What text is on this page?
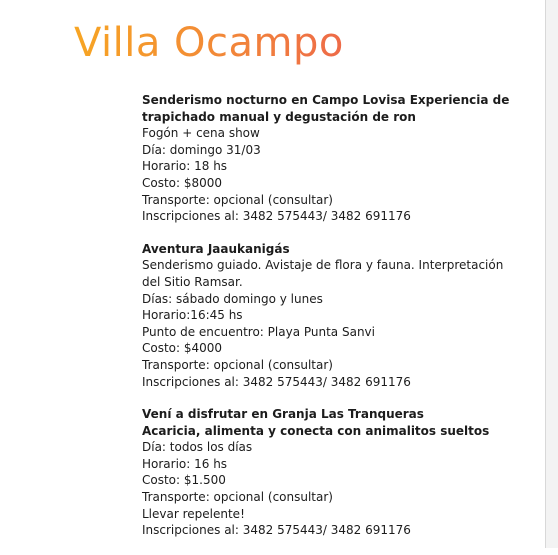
Villa Ocampo
Senderismo nocturno en Campo Lovisa Experiencia de
trapichado manual y degustación de ron
Fogón + cena show
Día: domingo 31/03
Horario: 18 hs
Costo: $8000
Transporte: opcional (consultar)
Inscripciones al: 3482 575443/ 3482 691176
Aventura Jaaukanigás
Senderismo guiado. Avistaje de flora y fauna. Interpretación
del Sitio Ramsar.
Días: sábado domingo y lunes
Horario:16:45 hs
Punto de encuentro: Playa Punta Sanvi
Costo: $4000
Transporte: opcional (consultar)
Inscripciones al: 3482 575443/ 3482 691176
Vení a disfrutar en Granja Las Tranqueras
Acaricia, alimenta y conecta con animalitos sueltos
Día: todos los días
Horario: 16 hs
Costo: $1.500
Transporte: opcional (consultar)
Llevar repelente!
Inscripciones al: 3482 575443/ 3482 691176
